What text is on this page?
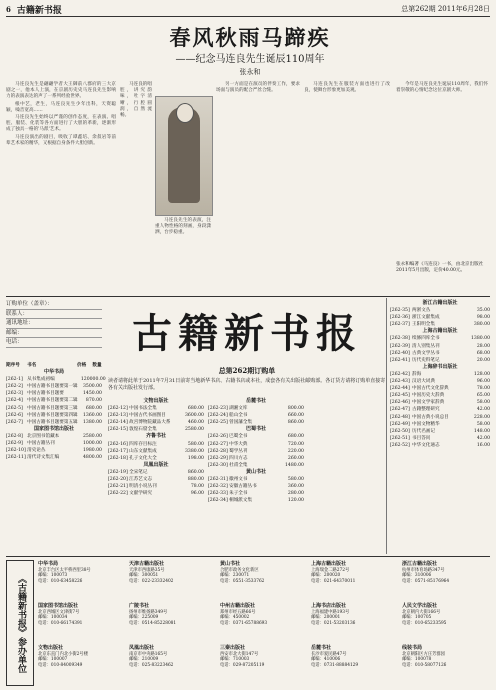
6 古籍新书报	总第262期 2011年6月28日
春风秋雨马蹄疾
——纪念马连良先生诞辰110周年
张永和

马连良先生是翩翩学者大王御前八郡府的三大京剧之一，他本人上演，在京剧历史史马连良先生影响力的表演表达的声了一系列经验世界。

根中艺，老生，马连良先生少年出科，天资聪颖，嗓音宽高……

马连良先生始终以严谨的创作态度，在表演、唱腔、服装、化装等各方面进行了大胆的革新，逐渐形成了独具一格的'马派'艺术。

马连良演出的剧目，吸收了谭鑫培、余叔岩等前辈艺术家的精华，又根据自身条件大胆创新。

马连良的唱腔，讲究韵味，吐字清晰，行腔圆润，自然流畅。

马连良先生的表演，注重人物性格的刻画，身段潇洒，台步稳重。

另一方面是在演员的伴奏工作，要求场面与演员的配合严丝合缝。

马连良先生在服装方面也进行了改良，使舞台形象更加美观。

今年是马连良先生诞辰110周年，我们怀着崇敬的心情纪念这位京剧大师。

张永和编著《马连良》一书，由北京出版社2011年5月出版，定价40.00元。
订购单位（盖章）：
联系人：
通讯地址：
邮编：
电话：	古籍新书报
总第262期订购单
读者请将此单于2011年7月31日前寄当地新华书店、古籍书店或本社，成套各有关出版社邮购部。各订货方请将订购单直接寄各有关出版社发行部。
期序号	书名	价格	数量
中华书局
[262-1] 从书集成初编	120000.00
[262-2] 中国古籍书目题要第一辑	3500.00
[262-3] 中国古籍书目题要	1450.00
[262-4] 中国古籍书目题要第二辑	870.00
[262-5] 中国古籍书目题要第三辑	680.00
[262-6] 中国古籍书目题要第四辑	1360.00
[262-7] 中国古籍书目题要第五辑	1380.00
国家图书馆出版社
[262-8] 北京图书馆藏本	2580.00
[262-9] 中国古籍丛刊	1000.00
[262-10] 清史论丛	1980.00
[262-11] 清代诗文集汇编	4800.00
文物出版社
[262-12] 中国书法全集	680.00
[262-13] 中国古代书画图目	3600.00
[262-14] 故宫博物院藏品大系	460.00
[262-15] 敦煌石窟全集	2580.00
齐鲁书社
[262-16] 四库存目标注	580.00
[262-17] 山东文献集成	3380.00
[262-18] 孔子文化大全	198.00
凤凰出版社
[262-19] 全宋笔记	860.00
[262-20] 江苏艺文志	880.00
[262-21] 明清小说丛刊	78.00
[262-22] 文献学研究	96.00
岳麓书社
[262-23] 湖湘文库	800.00
[262-24] 船山全书	660.00
[262-25] 曾国藩全集	860.00
巴蜀书社
[262-26] 巴蜀全书	680.00
[262-27] 中华大典	720.00
[262-28] 蜀学丛刊	220.00
[262-29] 四川方志	260.00
[262-30] 杜甫全集	1480.00
黄山书社
[262-31] 徽州文书	580.00
[262-32] 安徽古籍丛书	360.00
[262-33] 朱子全书	280.00
[262-34] 桐城派文集	120.00
浙江古籍出版社
[262-35] 两浙文丛	35.00
[262-36] 浙江文献集成	98.00
[262-37] 王阳明全集	380.00
上海古籍出版社
[262-38] 续修四库全书	1380.00
[262-39] 清人别集丛刊	28.00
[262-40] 古典文学丛书	68.00
[262-41] 历代史料笔记	20.00
上海辞书出版社
[262-42] 辞海	128.00
[262-43] 汉语大词典	96.00
[262-44] 中国古代文化辞典	78.00
[262-45] 中国历史大辞典	65.00
[262-46] 中国文学家辞典	58.00
[262-47] 古籍整理研究	42.00
[262-48] 中国古典小说总目	228.00
[262-49] 中国文物精华	58.00
[262-50] 历代名画记	148.00
[262-51] 书目答问	42.00
[262-52] 中华文化通志	16.00
《古籍新书报》参办单位
中华书局
北京丰台区太平桥西里38号
邮编：100073
电话：010-63458226
天津古籍出版社
天津市西康路35号
邮编：300051
电话：022-23332402
黄山书社
合肥市政务文化新区
邮编：230071
电话：0551-3533762
上海古籍出版社
上海瑞金二路272号
邮编：200020
电话：021-64370011
浙江古籍出版社
杭州市体育场路347号
邮编：310006
电话：0571-85176964
国家图书馆出版社
北京西城区文津街7号
邮编：100034
电话：010-66174391
广陵书社
扬州市维扬路349号
邮编：225009
电话：0514-85228081
中州古籍出版社
郑州市经五路66号
邮编：450002
电话：0371-65788693
上海书店出版社
上海福建中路193号
邮编：200001
电话：021-53203136
人民文学出版社
北京朝内大街166号
邮编：100705
电话：010-65233595
文物出版社
北京东直门内北小街2号楼
邮编：100007
电话：010-84009349
凤凰出版社
南京市中央路165号
邮编：210009
电话：025-83223462
三秦出版社
西安市北大街147号
邮编：710003
电话：029-87205119
岳麓书社
长沙市爱民路47号
邮编：410006
电话：0731-88884129
线装书局
北京朝阳区方庄芳群园
邮编：100078
电话：010-58077126
